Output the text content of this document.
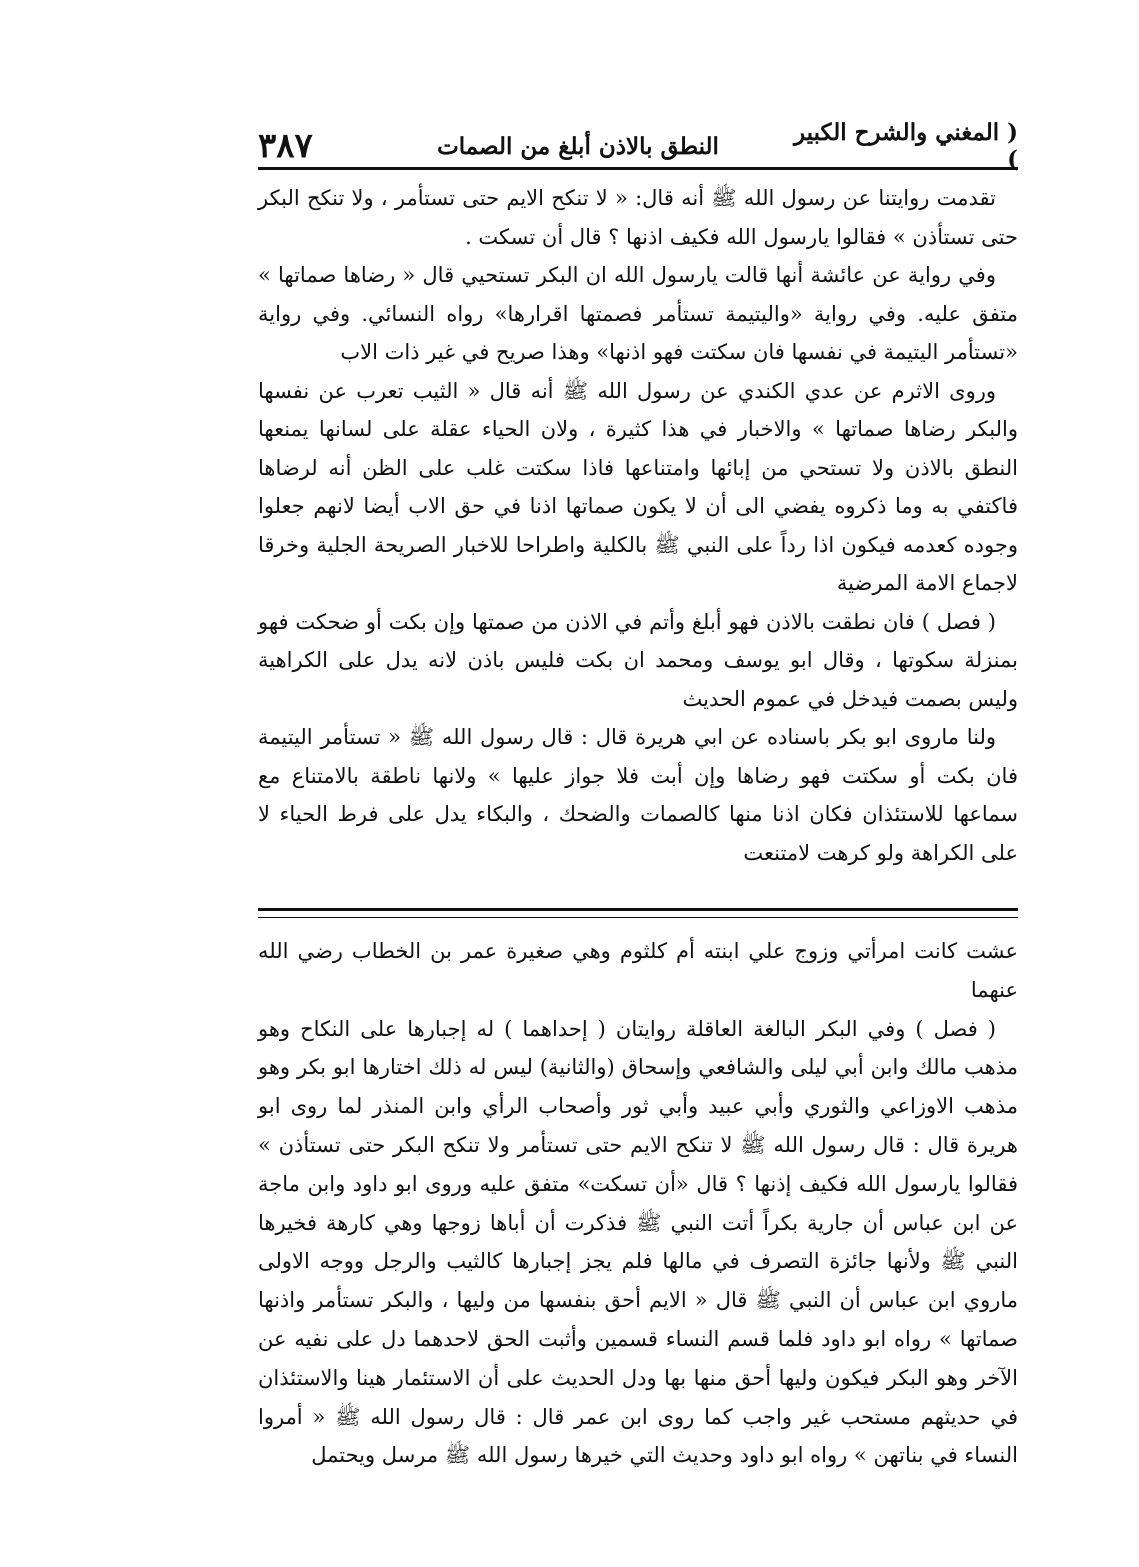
( المغني والشرح الكبير )
النطق بالاذن أبلغ من الصمات
٣٨٧

تقدمت روايتنا عن رسول الله ﷺ أنه قال: « لا تنكح الايم حتى تستأمر ، ولا تنكح البكر حتى تستأذن » فقالوا يارسول الله فكيف اذنها ؟ قال أن تسكت .

وفي رواية عن عائشة أنها قالت يارسول الله ان البكر تستحيي قال « رضاها صماتها » متفق عليه. وفي رواية «واليتيمة تستأمر فصمتها اقرارها» رواه النسائي. وفي رواية «تستأمر اليتيمة في نفسها فان سكتت فهو اذنها» وهذا صريح في غير ذات الاب

وروى الاثرم عن عدي الكندي عن رسول الله ﷺ أنه قال « الثيب تعرب عن نفسها والبكر رضاها صماتها » والاخبار في هذا كثيرة ، ولان الحياء عقلة على لسانها يمنعها النطق بالاذن ولا تستحي من إبائها وامتناعها فاذا سكتت غلب على الظن أنه لرضاها فاكتفي به وما ذكروه يفضي الى أن لا يكون صماتها اذنا في حق الاب أيضا لانهم جعلوا وجوده كعدمه فيكون اذا رداً على النبي ﷺ بالكلية واطراحا للاخبار الصريحة الجلية وخرقا لاجماع الامة المرضية

( فصل ) فان نطقت بالاذن فهو أبلغ وأتم في الاذن من صمتها وإن بكت أو ضحكت فهو بمنزلة سكوتها ، وقال ابو يوسف ومحمد ان بكت فليس باذن لانه يدل على الكراهية وليس بصمت فيدخل في عموم الحديث

ولنا ماروى ابو بكر باسناده عن ابي هريرة قال : قال رسول الله ﷺ « تستأمر اليتيمة فان بكت أو سكتت فهو رضاها وإن أبت فلا جواز عليها » ولانها ناطقة بالامتناع مع سماعها للاستئذان فكان اذنا منها كالصمات والضحك ، والبكاء يدل على فرط الحياء لا على الكراهة ولو كرهت لامتنعت

عشت كانت امرأتي وزوج علي ابنته أم كلثوم وهي صغيرة عمر بن الخطاب رضي الله عنهما

( فصل ) وفي البكر البالغة العاقلة روايتان ( إحداهما ) له إجبارها على النكاح وهو مذهب مالك وابن أبي ليلى والشافعي وإسحاق (والثانية) ليس له ذلك اختارها ابو بكر وهو مذهب الاوزاعي والثوري وأبي عبيد وأبي ثور وأصحاب الرأي وابن المنذر لما روى ابو هريرة قال : قال رسول الله ﷺ لا تنكح الايم حتى تستأمر ولا تنكح البكر حتى تستأذن » فقالوا يارسول الله فكيف إذنها ؟ قال «أن تسكت» متفق عليه وروى ابو داود وابن ماجة عن ابن عباس أن جارية بكراً أتت النبي ﷺ فذكرت أن أباها زوجها وهي كارهة فخيرها النبي ﷺ ولأنها جائزة التصرف في مالها فلم يجز إجبارها كالثيب والرجل ووجه الاولى ماروي ابن عباس أن النبي ﷺ قال « الايم أحق بنفسها من وليها ، والبكر تستأمر واذنها صماتها » رواه ابو داود فلما قسم النساء قسمين وأثبت الحق لاحدهما دل على نفيه عن الآخر وهو البكر فيكون وليها أحق منها بها ودل الحديث على أن الاستئمار هينا والاستئذان في حديثهم مستحب غير واجب كما روى ابن عمر قال : قال رسول الله ﷺ « أمروا النساء في بناتهن » رواه ابو داود وحديث التي خيرها رسول الله ﷺ مرسل ويحتمل
